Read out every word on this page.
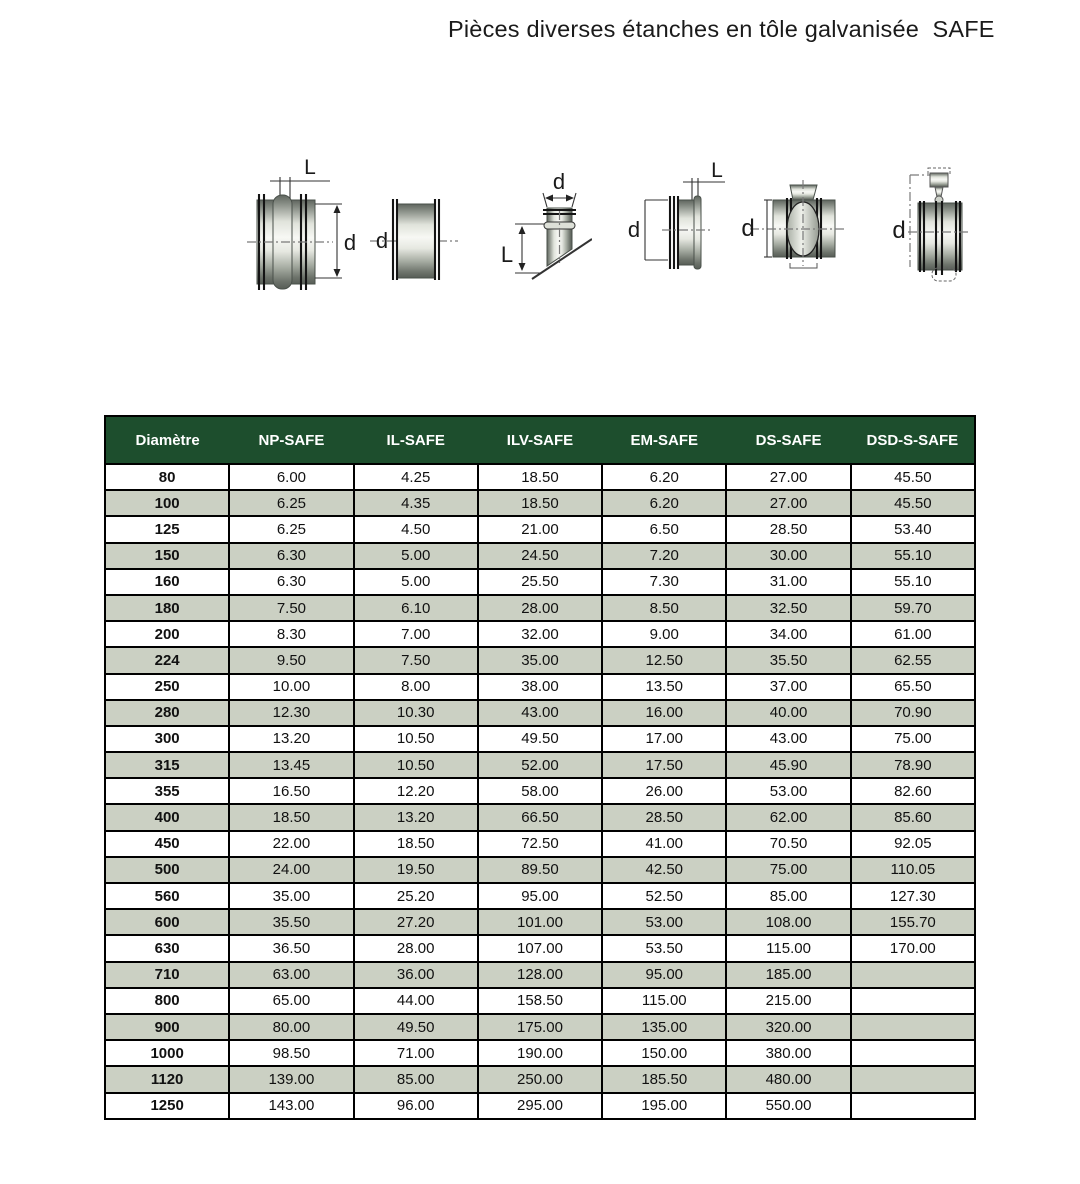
Pièces diverses étanches en tôle galvanisée  SAFE
L
d d
d
L
L
d	d	d
Diamètre	NP-SAFE	IL-SAFE	ILV-SAFE	EM-SAFE	DS-SAFE	DSD-S-SAFE
80	6.00	4.25	18.50	6.20	27.00	45.50
100	6.25	4.35	18.50	6.20	27.00	45.50
125	6.25	4.50	21.00	6.50	28.50	53.40
150	6.30	5.00	24.50	7.20	30.00	55.10
160	6.30	5.00	25.50	7.30	31.00	55.10
180	7.50	6.10	28.00	8.50	32.50	59.70
200	8.30	7.00	32.00	9.00	34.00	61.00
224	9.50	7.50	35.00	12.50	35.50	62.55
250	10.00	8.00	38.00	13.50	37.00	65.50
280	12.30	10.30	43.00	16.00	40.00	70.90
300	13.20	10.50	49.50	17.00	43.00	75.00
315	13.45	10.50	52.00	17.50	45.90	78.90
355	16.50	12.20	58.00	26.00	53.00	82.60
400	18.50	13.20	66.50	28.50	62.00	85.60
450	22.00	18.50	72.50	41.00	70.50	92.05
500	24.00	19.50	89.50	42.50	75.00	110.05
560	35.00	25.20	95.00	52.50	85.00	127.30
600	35.50	27.20	101.00	53.00	108.00	155.70
630	36.50	28.00	107.00	53.50	115.00	170.00
710	63.00	36.00	128.00	95.00	185.00	
800	65.00	44.00	158.50	115.00	215.00	
900	80.00	49.50	175.00	135.00	320.00	
1000	98.50	71.00	190.00	150.00	380.00	
1120	139.00	85.00	250.00	185.50	480.00	
1250	143.00	96.00	295.00	195.00	550.00	
